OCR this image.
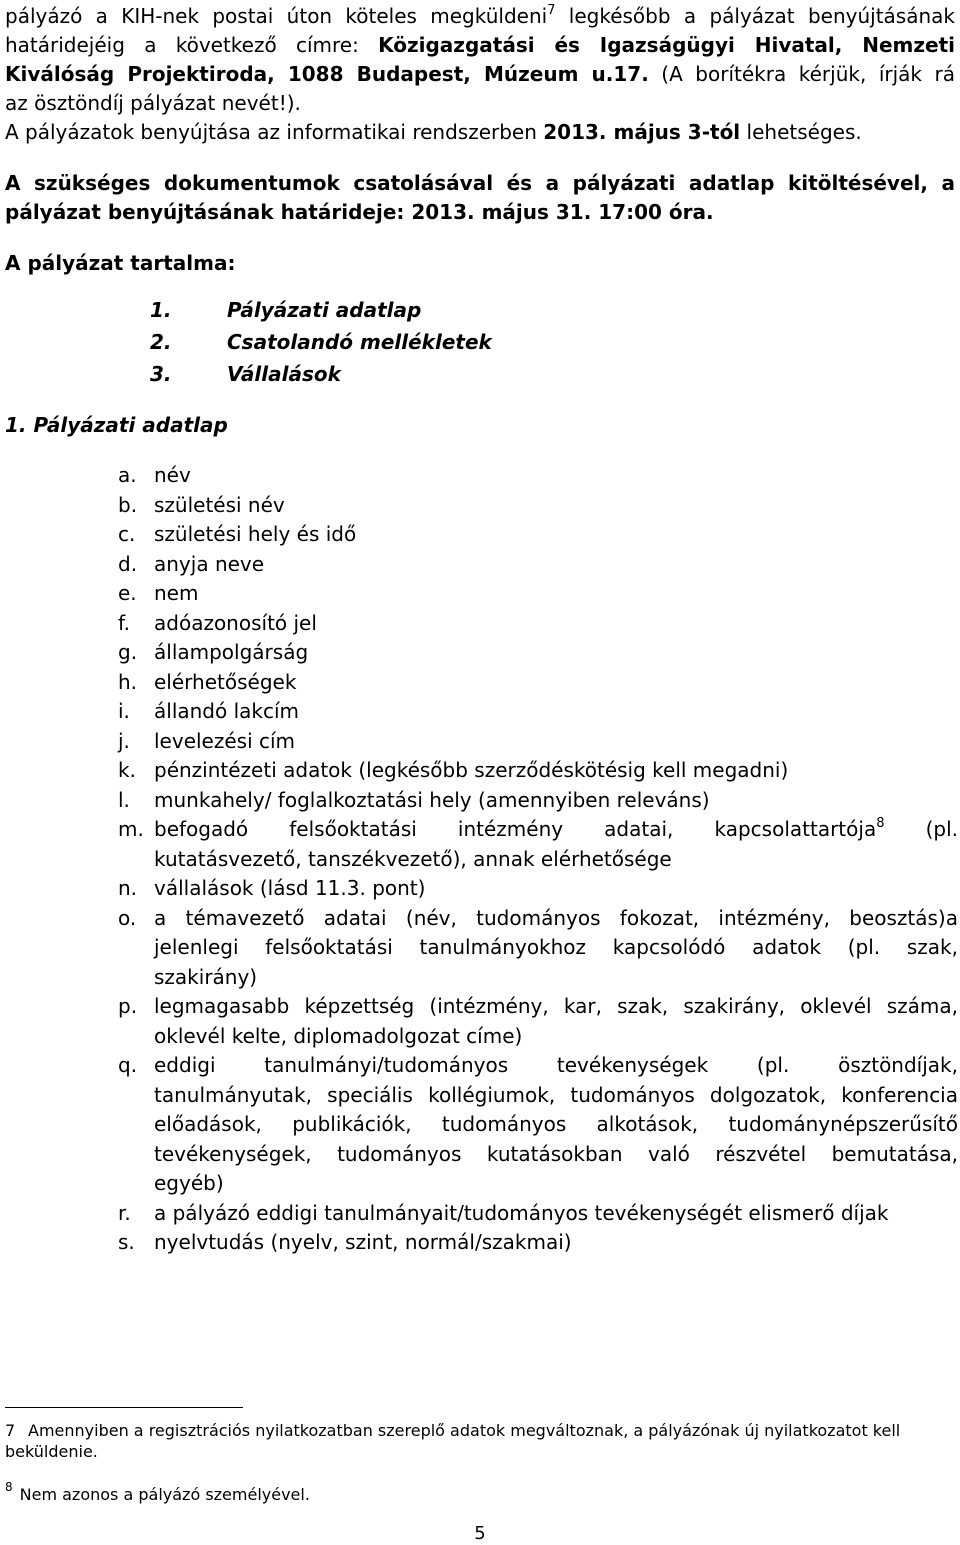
pályázó a KIH-nek postai úton köteles megküldeni$^7$ legkésőbb a pályázat benyújtásának

határidejéig a következő címre: Közigazgatási és Igazságügyi Hivatal, Nemzeti

Kiválóság Projektiroda, 1088 Budapest, Múzeum u.17. (A borítékra kérjük, írják rá

az ösztöndíj pályázat nevét!).

A pályázatok benyújtása az informatikai rendszerben 2013. május 3-tól lehetséges.

A szükséges dokumentumok csatolásával és a pályázati adatlap kitöltésével, a

pályázat benyújtásának határideje: 2013. május 31. 17:00 óra.

A pályázat tartalma:

1.	Pályázati adatlap
2.	Csatolandó mellékletek
3.	Vállalások
1. Pályázati adatlap
a. név
b. születési név
c. születési hely és idő
d. anyja neve
e. nem
f. adóazonosító jel
g. állampolgárság
h. elérhetőségek
i. állandó lakcím
j. levelezési cím
k. pénzintézeti adatok (legkésőbb szerződéskötésig kell megadni)
l. munkahely/ foglalkoztatási hely (amennyiben releváns)
m. befogadó felsőoktatási intézmény adatai, kapcsolattartója$^8$ (pl.
kutatásvezető, tanszékvezető), annak elérhetősége
n. vállalások (lásd 11.3. pont)
o. a témavezető adatai (név, tudományos fokozat, intézmény, beosztás)a
jelenlegi felsőoktatási tanulmányokhoz kapcsolódó adatok (pl. szak,
szakirány)
p. legmagasabb képzettség (intézmény, kar, szak, szakirány, oklevél száma,
oklevél kelte, diplomadolgozat címe)
q. eddigi tanulmányi/tudományos tevékenységek (pl. ösztöndíjak,
tanulmányutak, speciális kollégiumok, tudományos dolgozatok, konferencia
előadások, publikációk, tudományos alkotások, tudománynépszerűsítő
tevékenységek, tudományos kutatásokban való részvétel bemutatása,
egyéb)
r. a pályázó eddigi tanulmányait/tudományos tevékenységét elismerő díjak
s. nyelvtudás (nyelv, szint, normál/szakmai)
7 Amennyiben a regisztrációs nyilatkozatban szereplő adatok megváltoznak, a pályázónak új nyilatkozatot kell
beküldenie.
$^8$ Nem azonos a pályázó személyével.
5
